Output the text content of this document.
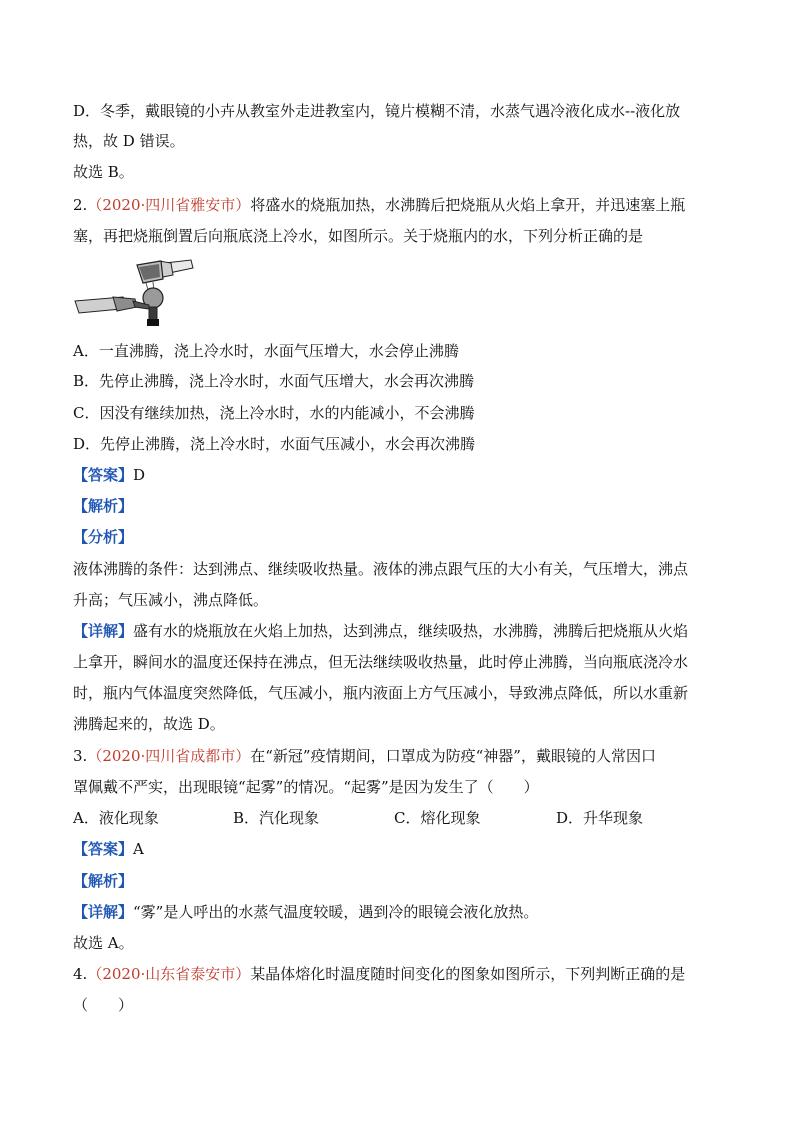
D．冬季，戴眼镜的小卉从教室外走进教室内，镜片模糊不清，水蒸气遇冷液化成水--液化放
热，故 D 错误。
故选 B。
2.（2020·四川省雅安市）将盛水的烧瓶加热，水沸腾后把烧瓶从火焰上拿开，并迅速塞上瓶
塞，再把烧瓶倒置后向瓶底浇上冷水，如图所示。关于烧瓶内的水，下列分析正确的是
A．一直沸腾，浇上冷水时，水面气压增大，水会停止沸腾
B．先停止沸腾，浇上冷水时，水面气压增大，水会再次沸腾
C．因没有继续加热，浇上冷水时，水的内能减小，不会沸腾
D．先停止沸腾，浇上冷水时，水面气压减小，水会再次沸腾
【答案】D
【解析】
【分析】
液体沸腾的条件：达到沸点、继续吸收热量。液体的沸点跟气压的大小有关，气压增大，沸点
升高；气压减小，沸点降低。
【详解】盛有水的烧瓶放在火焰上加热，达到沸点，继续吸热，水沸腾，沸腾后把烧瓶从火焰
上拿开，瞬间水的温度还保持在沸点，但无法继续吸收热量，此时停止沸腾，当向瓶底浇冷水
时，瓶内气体温度突然降低，气压减小，瓶内液面上方气压减小，导致沸点降低，所以水重新
沸腾起来的，故选 D。
3.（2020·四川省成都市）在“新冠”疫情期间，口罩成为防疫“神器”，戴眼镜的人常因口
罩佩戴不严实，出现眼镜“起雾”的情况。“起雾”是因为发生了（　　）
A．液化现象	B．汽化现象	C．熔化现象	D．升华现象
【答案】A
【解析】
【详解】“雾”是人呼出的水蒸气温度较暖，遇到冷的眼镜会液化放热。
故选 A。
4.（2020·山东省泰安市）某晶体熔化时温度随时间变化的图象如图所示，下列判断正确的是
（　　）
